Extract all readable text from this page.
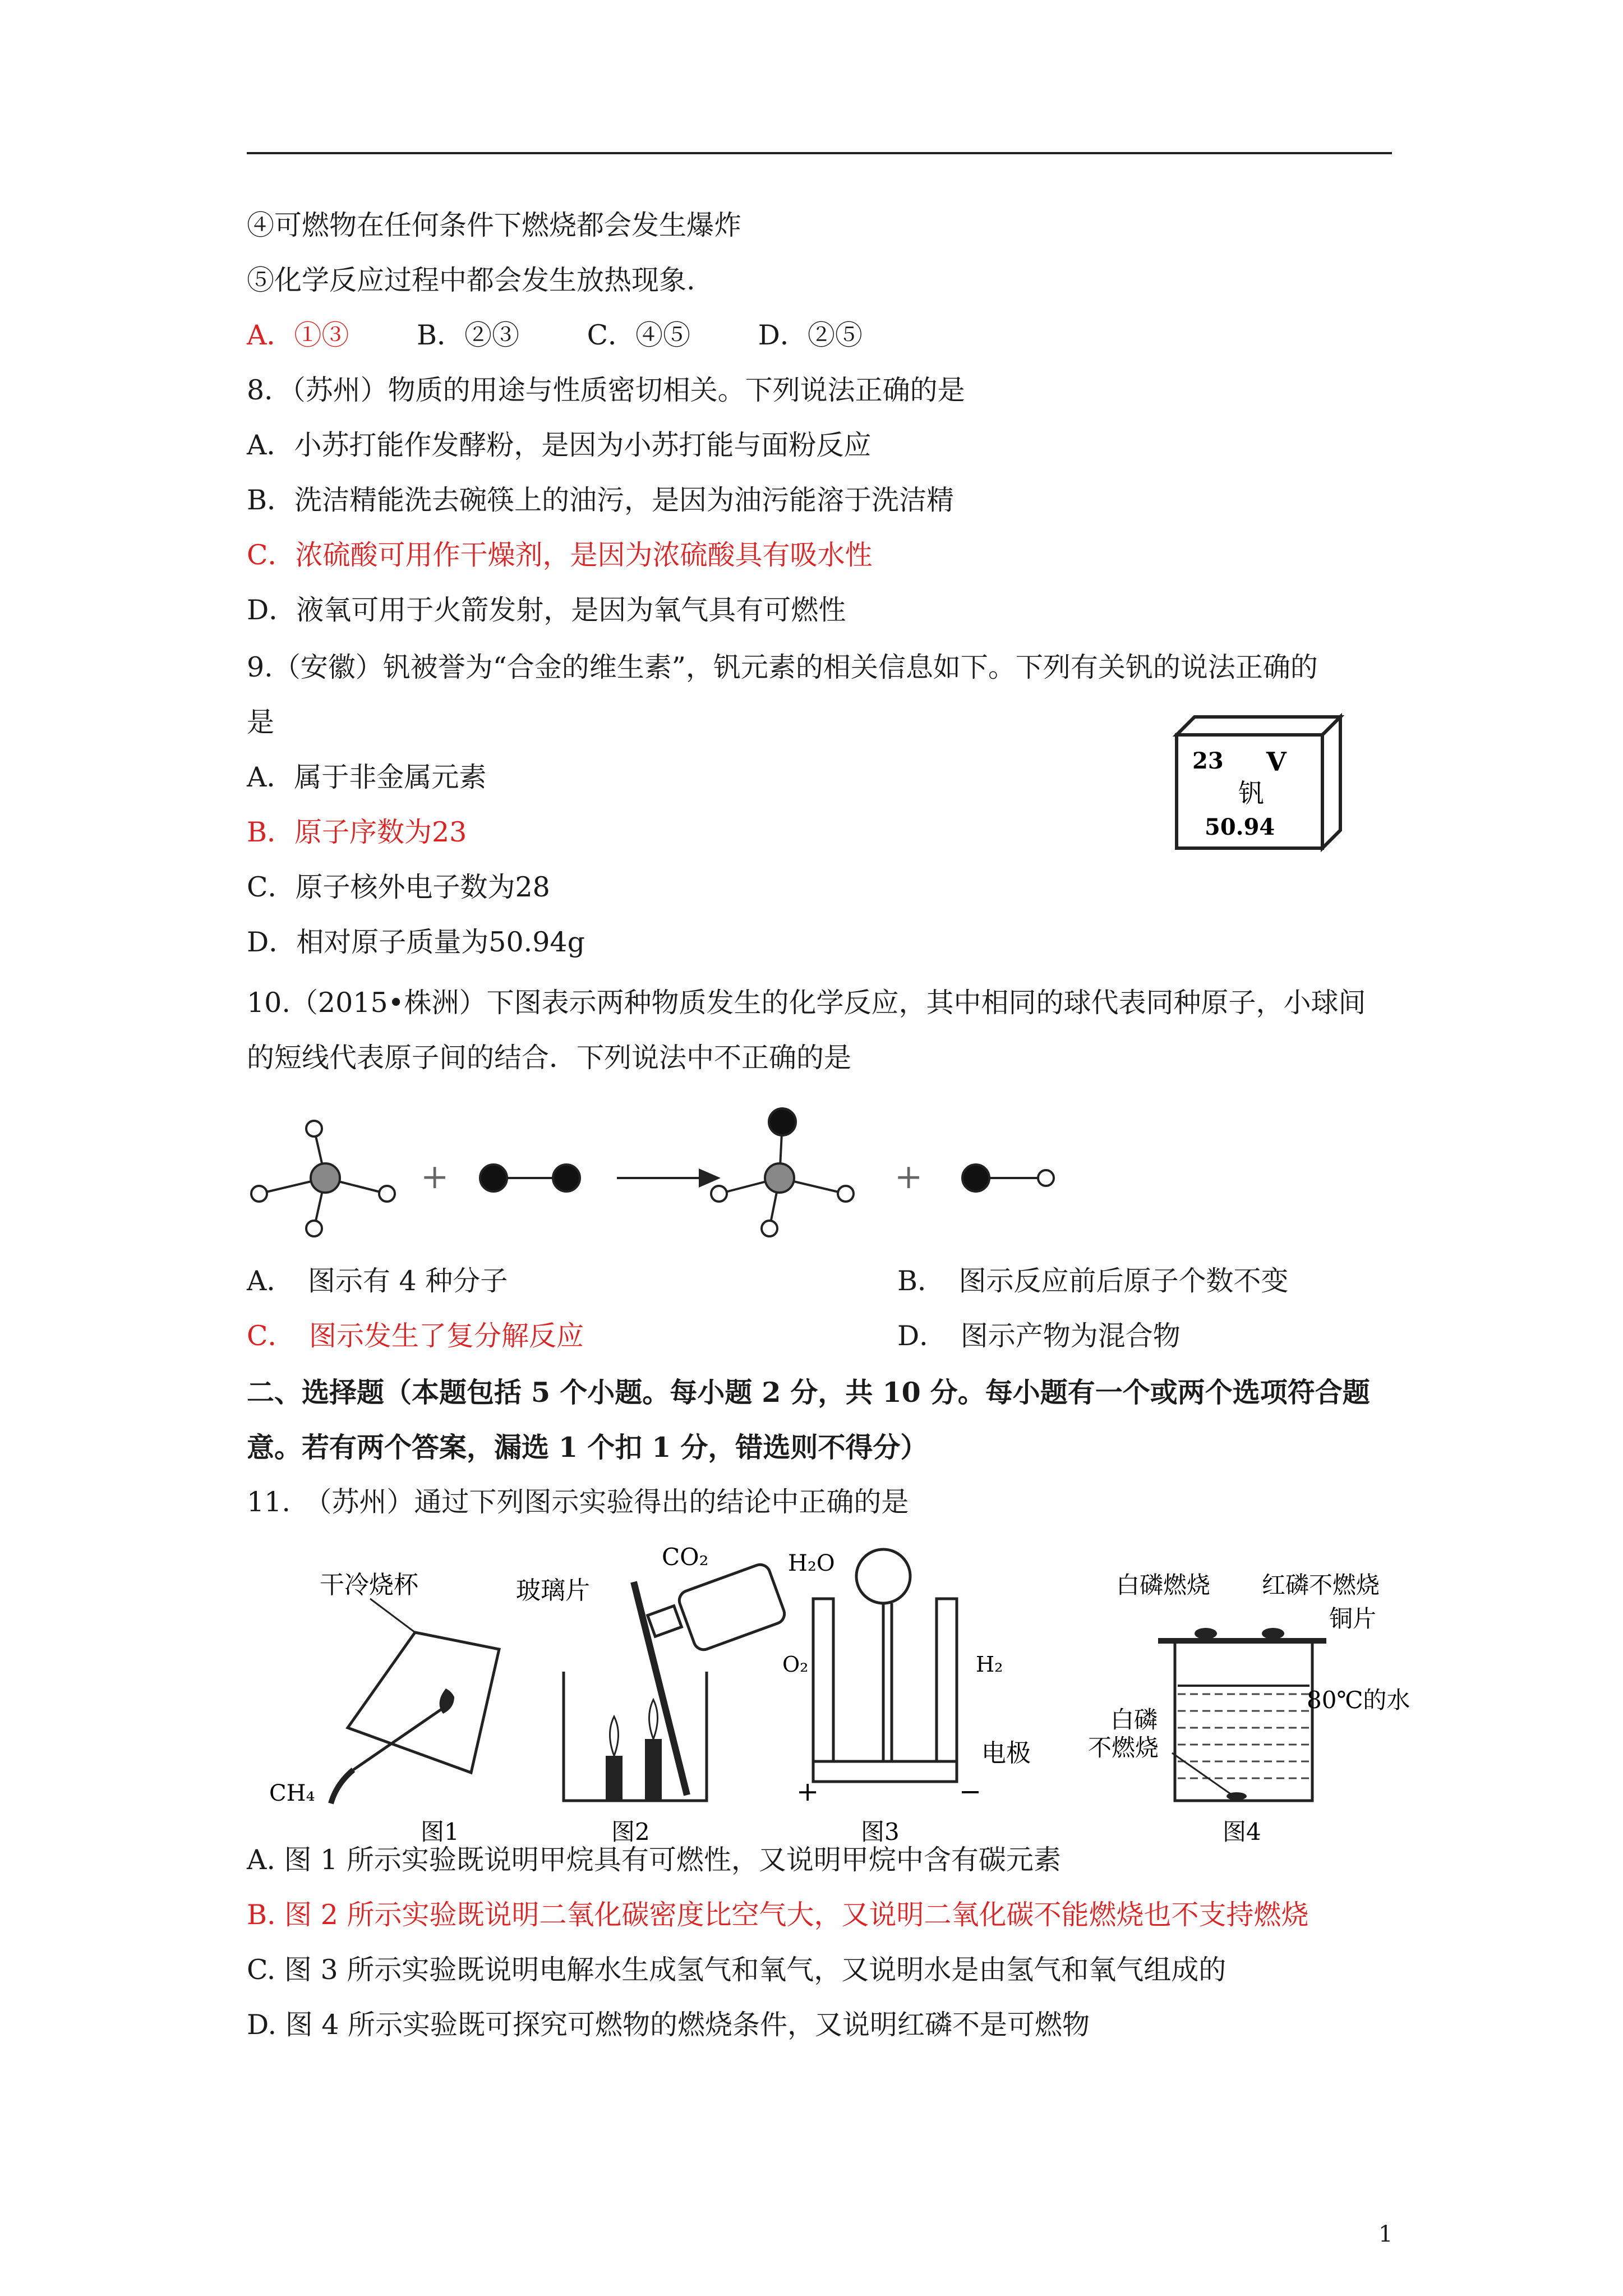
④可燃物在任何条件下燃烧都会发生爆炸
⑤化学反应过程中都会发生放热现象.
A．①③ B．②③ C．④⑤ D．②⑤
8．（苏州）物质的用途与性质密切相关。下列说法正确的是
A．小苏打能作发酵粉，是因为小苏打能与面粉反应
B．洗洁精能洗去碗筷上的油污，是因为油污能溶于洗洁精
C．浓硫酸可用作干燥剂，是因为浓硫酸具有吸水性
D．液氧可用于火箭发射，是因为氧气具有可燃性
9.（安徽）钒被誉为“合金的维生素”，钒元素的相关信息如下。下列有关钒的说法正确的
是
A．属于非金属元素
B．原子序数为23
C．原子核外电子数为28
D．相对原子质量为50.94g
23 V
钒
50.94
10.（2015•株洲）下图表示两种物质发生的化学反应，其中相同的球代表同种原子，小球间
的短线代表原子间的结合．下列说法中不正确的是
+	+
A．　图示有 4 种分子	B．　图示反应前后原子个数不变
C．　图示发生了复分解反应	D．　图示产物为混合物
二、选择题（本题包括 5 个小题。每小题 2 分，共 10 分。每小题有一个或两个选项符合题
意。若有两个答案，漏选 1 个扣 1 分，错选则不得分）
11.　（苏州）通过下列图示实验得出的结论中正确的是
干冷烧杯
CH₄
图1
CO₂
玻璃片
图2
H₂O
O₂	H₂
电极
+	−
图3
白磷燃烧 红磷不燃烧
铜片
80℃的水
白磷
不燃烧
图4
A. 图 1 所示实验既说明甲烷具有可燃性，又说明甲烷中含有碳元素
B. 图 2 所示实验既说明二氧化碳密度比空气大，又说明二氧化碳不能燃烧也不支持燃烧
C. 图 3 所示实验既说明电解水生成氢气和氧气，又说明水是由氢气和氧气组成的
D. 图 4 所示实验既可探究可燃物的燃烧条件，又说明红磷不是可燃物
1
